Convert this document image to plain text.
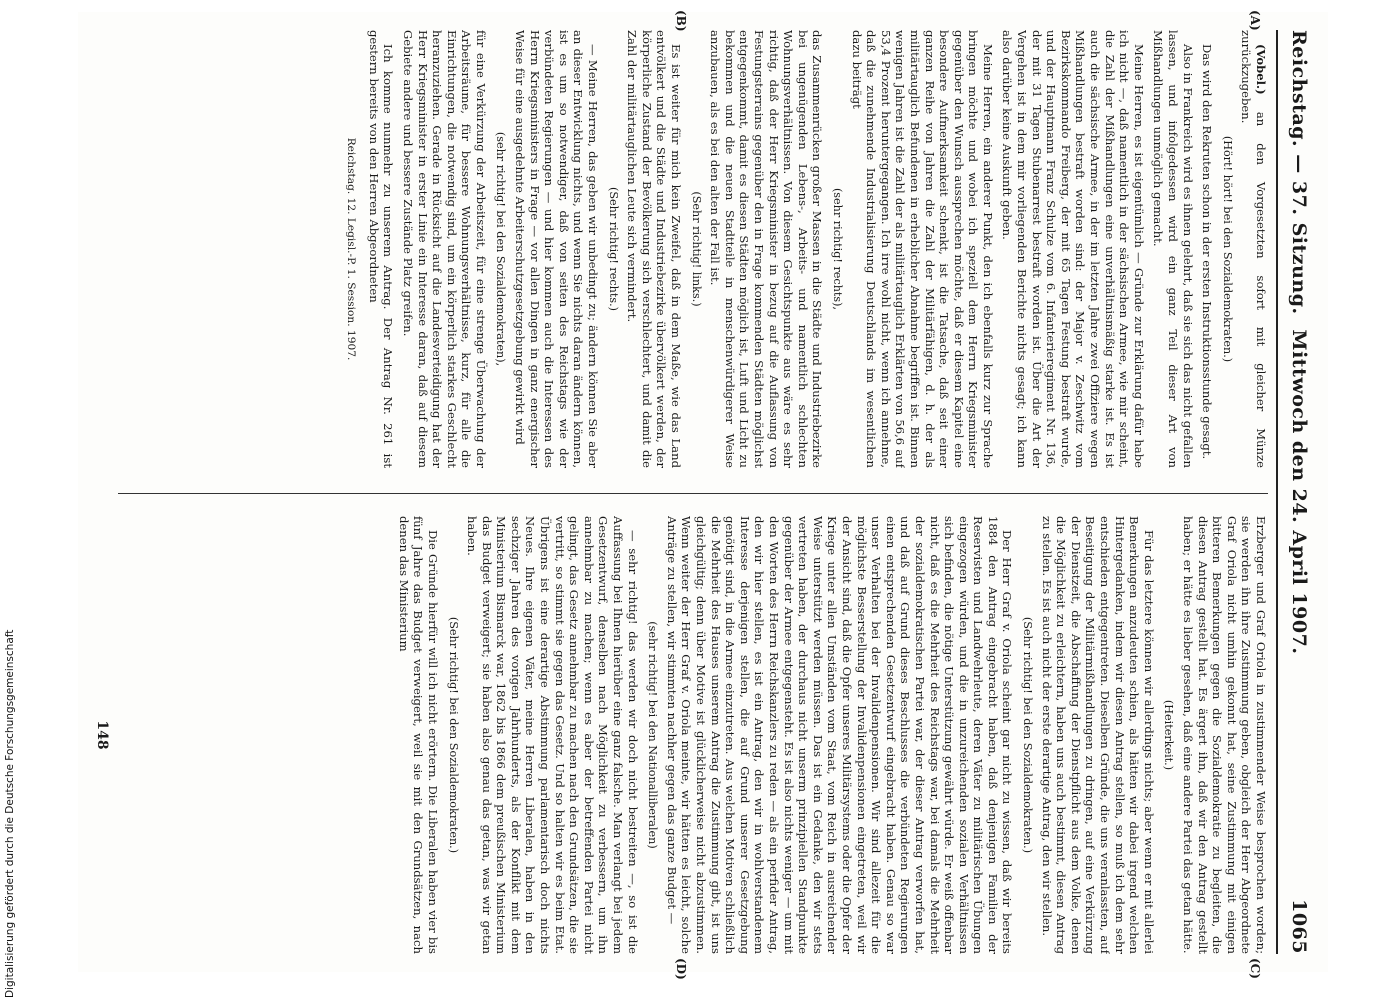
Digitalisierung gefördert durch die Deutsche Forschungsgemeinschaft
Reichstag. — 37. Sitzung.
Mittwoch den 24. April 1907.
1065
(A)
(B)
(C)
(D)

(Vobel.) an den Vorgesetzten sofort mit gleicher Münze zurückzugeben.

(Hört! hört! bei den Sozialdemokraten.)

Das wird den Rekruten schon in der ersten Instruktionsstunde gesagt.

Also in Frankreich wird es ihnen gelehrt, daß sie sich das nicht gefallen lassen, und infolgedessen wird ein ganz Teil dieser Art von Mißhandlungen unmöglich gemacht.

Meine Herren, es ist eigentümlich — Gründe zur Erklärung dafür habe ich nicht —, daß namentlich in der sächsischen Armee, wie mir scheint, die Zahl der Mißhandlungen eine unverhältnismäßig starke ist. Es ist auch die sächsische Armee, in der im letzten Jahre zwei Offiziere wegen Mißhandlungen bestraft worden sind: der Major v. Zeschwitz vom Bezirkskommando Freiberg, der mit 65 Tagen Festung bestraft wurde, und der Hauptmann Franz Schulze vom 6. Infanterieregiment Nr. 136, der mit 31 Tagen Stubenarrest bestraft worden ist. Über die Art der Vergehen ist in dem mir vorliegenden Berichte nichts gesagt; ich kann also darüber keine Auskunft geben.

Meine Herren, ein anderer Punkt, den ich ebenfalls kurz zur Sprache bringen möchte und wobei ich speziell dem Herrn Kriegsminister gegenüber den Wunsch aussprechen möchte, daß er diesem Kapitel eine besondere Aufmerksamkeit schenkt, ist die Tatsache, daß seit einer ganzen Reihe von Jahren die Zahl der Militärfähigen, d. h. der als militärtauglich Befundenen in erheblicher Abnahme begriffen ist. Binnen wenigen Jahren ist die Zahl der als militärtauglich Erklärten von 56,6 auf 53,4 Prozent heruntergegangen. Ich irre wohl nicht, wenn ich annehme, daß die zunehmende Industrialisierung Deutschlands im wesentlichen dazu beiträgt

(sehr richtig! rechts),

das Zusammenrücken großer Massen in die Städte und Industriebezirke bei ungenügenden Lebens-, Arbeits- und namentlich schlechten Wohnungsverhältnissen. Von diesem Gesichtspunkte aus wäre es sehr richtig, daß der Herr Kriegsminister in bezug auf die Auflassung von Festungsterrains gegenüber den in Frage kommenden Städten möglichst entgegenkommt, damit es diesen Städten möglich ist, Luft und Licht zu bekommen und die neuen Stadtteile in menschenwürdigerer Weise anzubauen, als es bei den alten der Fall ist.

(Sehr richtig! links.)

Es ist weiter für mich kein Zweifel, daß in dem Maße, wie das Land entvölkert und die Städte und Industriebezirke übervölkert werden, der körperliche Zustand der Bevölkerung sich verschlechtert, und damit die Zahl der militärtauglichen Leute sich vermindert.

(Sehr richtig! rechts.)

— Meine Herren, das geben wir unbedingt zu; ändern können Sie aber an dieser Entwicklung nichts, und wenn Sie nichts daran ändern können, ist es um so notwendiger, daß von seiten des Reichstags wie der verbündeten Regierungen — und hier kommen auch die Interessen des Herrn Kriegsministers in Frage — vor allen Dingen in ganz energischer Weise für eine ausgedehnte Arbeiterschutzgesetzgebung gewirkt wird

(sehr richtig! bei den Sozialdemokraten),

für eine Verkürzung der Arbeitszeit, für eine strenge Überwachung der Arbeitsräume, für bessere Wohnungsverhältnisse, kurz, für alle die Einrichtungen, die notwendig sind, um ein körperlich starkes Geschlecht heranzuziehen. Gerade in Rücksicht auf die Landesverteidigung hat der Herr Kriegsminister in erster Linie ein Interesse daran, daß auf diesem Gebiete andere und bessere Zustände Platz greifen.

Ich komme nunmehr zu unserem Antrag. Der Antrag Nr. 261 ist gestern bereits von den Herren Abgeordneten

Reichstag. 12. Legisl.-P. 1. Session. 1907.

Erzberger und Graf Oriola in zustimmender Weise besprochen worden; sie werden ihn ihre Zustimmung geben, obgleich der Herr Abgeordnete Graf Oriola nicht umhin gekonnt hat, seine Zustimmung mit einigen bitteren Bemerkungen gegen die Sozialdemokratie zu begleiten, die diesen Antrag gestellt hat. Es ärgert ihn, daß wir den Antrag gestellt haben; er hätte es lieber gesehen, daß eine andere Partei das getan hätte.

(Heiterkeit.)

Für das letztere können wir allerdings nichts; aber wenn er mit allerlei Bemerkungen anzudeuten schien, als hätten wir dabei irgend welchen Hintergedanken, indem wir diesen Antrag stellen, so muß ich dem sehr entschieden entgegentreten. Dieselben Gründe, die uns veranlassten, auf Beseitigung der Militärmißhandlungen zu dringen, auf eine Verkürzung der Dienstzeit, die Abschaffung der Dienstpflicht aus dem Volke, denen die Möglichkeit zu erleichtern, haben uns auch bestimmt, diesen Antrag zu stellen. Es ist auch nicht der erste derartige Antrag, den wir stellen.

(Sehr richtig! bei den Sozialdemokraten.)

Der Herr Graf v. Oriola scheint gar nicht zu wissen, daß wir bereits 1884 den Antrag eingebracht haben, daß denjenigen Familien der Reservisten und Landwehrleute, deren Väter zu militärischen Übungen eingezogen würden, und die in unzureichenden sozialen Verhältnissen sich befinden, die nötige Unterstützung gewährt würde. Er weiß offenbar nicht, daß es die Mehrheit des Reichstags war, bei damals die Mehrheit der sozialdemokratischen Partei war, der dieser Antrag verworfen hat, und daß auf Grund dieses Beschlusses die verbündeten Regierungen einen entsprechenden Gesetzentwurf eingebracht haben. Genau so war unser Verhalten bei der Invalidenpensionen. Wir sind allezeit für die möglichste Besserstellung der Invalidenpensionen eingetreten, weil wir der Ansicht sind, daß die Opfer unseres Militärsystems oder die Opfer der Kriege unter allen Umständen vom Staat, vom Reich in ausreichender Weise unterstützt werden müssen. Das ist ein Gedanke, den wir stets vertreten haben, der durchaus nicht unserm prinzipiellen Standpunkte gegenüber der Armee entgegensteht. Es ist also nichts weniger — um mit den Worten des Herrn Reichskanzlers zu reden — als ein perfider Antrag, den wir hier stellen, es ist ein Antrag, den wir in wohlverstandenem Interesse derjenigen stellen, die auf Grund unserer Gesetzgebung genötigt sind, in die Armee einzutreten. Aus welchen Motiven schließlich die Mehrheit des Hauses unserem Antrag die Zustimmung gibt, ist uns gleichgültig; denn über Motive ist glücklicherweise nicht abzustimmen. Wenn weiter der Herr Graf v. Oriola meinte, wir hätten es leicht, solche Anträge zu stellen, wir stimmten nachher gegen das ganze Budget —

(sehr richtig! bei den Nationalliberalen)

— sehr richtig! das werden wir doch nicht bestreiten —, so ist die Auffassung bei Ihnen hierüber eine ganz falsche. Man verlangt bei jedem Gesetzentwurf, denselben nach Möglichkeit zu verbessern, um ihn annehmbar zu machen; wenn es aber der betreffenden Partei nicht gelingt, das Gesetz annehmbar zu machen nach den Grundsätzen, die sie vertritt, so stimmt sie gegen das Gesetz. Und so halten wir es beim Etat. Übrigens ist eine derartige Abstimmung parlamentarisch doch nichts Neues. Ihre eigenen Väter, meine Herren Liberalen, haben in den sechziger Jahren des vorigen Jahrhunderts, als der Konflikt mit dem Ministerium Bismarck war, 1862 bis 1866 dem preußischen Ministerium das Budget verweigert; sie haben also genau das getan, was wir getan haben.

(Sehr richtig! bei den Sozialdemokraten.)

Die Gründe hierfür will ich nicht erörtern. Die Liberalen haben vier bis fünf Jahre das Budget verweigert, weil sie mit den Grundsätzen, nach denen das Ministerium

148
